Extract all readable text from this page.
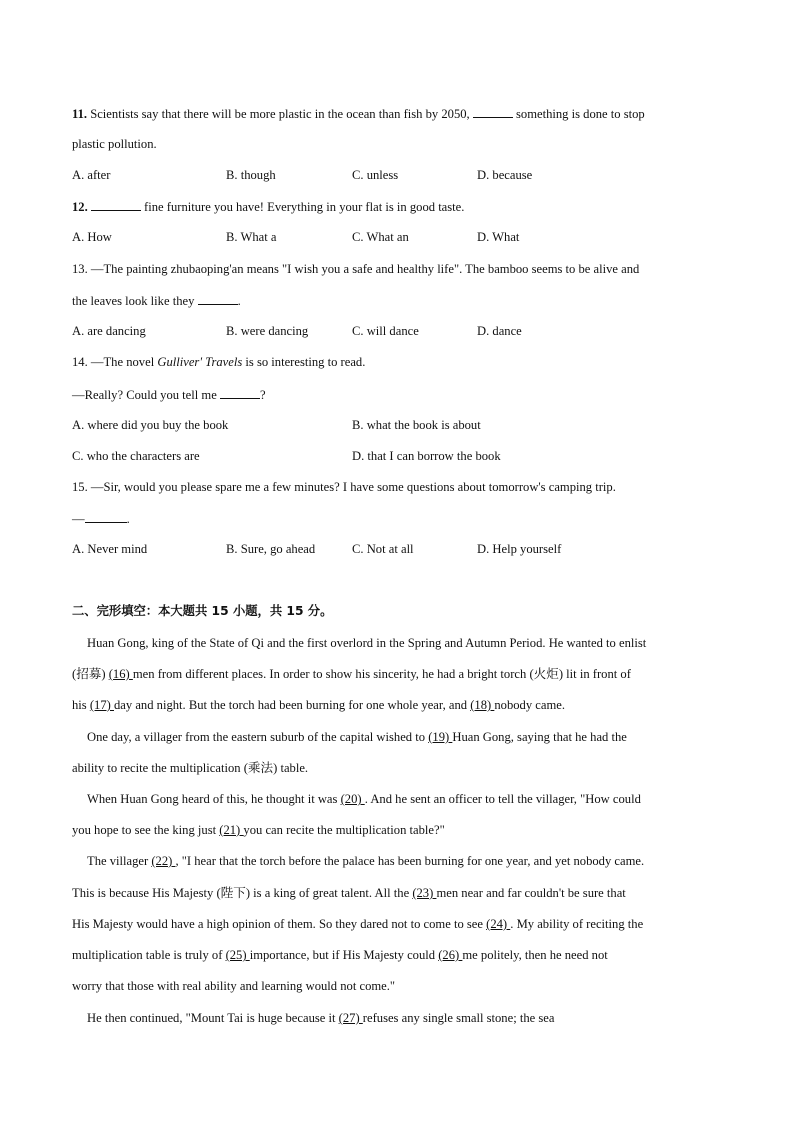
11. Scientists say that there will be more plastic in the ocean than fish by 2050,	something is done to stop
plastic pollution.
A. after	B. though	C. unless	D. because
12.	fine furniture you have! Everything in your flat is in good taste.
A. How	B. What a	C. What an	D. What
13. —The painting zhubaoping'an means "I wish you a safe and healthy life". The bamboo seems to be alive and
the leaves look like they	.
A. are dancing	B. were dancing	C. will dance	D. dance
14. —The novel Gulliver' Travels is so interesting to read.
—Really? Could you tell me	?
A. where did you buy the book	B. what the book is about
C. who the characters are	D. that I can borrow the book
15. —Sir, would you please spare me a few minutes? I have some questions about tomorrow's camping trip.
—	.
A. Never mind	B. Sure, go ahead	C. Not at all	D. Help yourself
二、完形填空：本大题共 15 小题，共 15 分。
Huan Gong, king of the State of Qi and the first overlord in the Spring and Autumn Period. He wanted to enlist
(招募) (16) men from different places. In order to show his sincerity, he had a bright torch (火炬) lit in front of
his (17) day and night. But the torch had been burning for one whole year, and (18) nobody came.
One day, a villager from the eastern suburb of the capital wished to (19) Huan Gong, saying that he had the
ability to recite the multiplication (乘法) table.
When Huan Gong heard of this, he thought it was (20) . And he sent an officer to tell the villager, "How could
you hope to see the king just (21) you can recite the multiplication table?"
The villager (22) , "I hear that the torch before the palace has been burning for one year, and yet nobody came.
This is because His Majesty (陛下) is a king of great talent. All the (23) men near and far couldn't be sure that
His Majesty would have a high opinion of them. So they dared not to come to see (24) . My ability of reciting the
multiplication table is truly of (25) importance, but if His Majesty could (26) me politely, then he need not
worry that those with real ability and learning would not come."
He then continued, "Mount Tai is huge because it (27) refuses any single small stone; the sea
